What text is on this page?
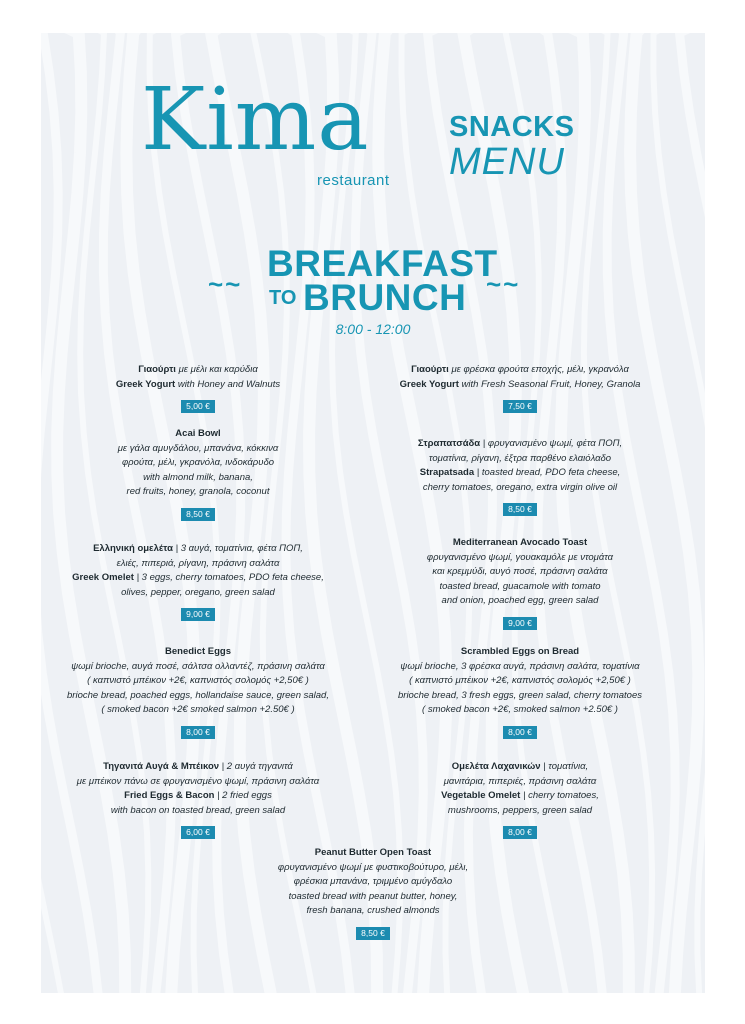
Kima
restaurant
SNACKS
MENU
~~	~~
BREAKFAST
TO BRUNCH
8:00 - 12:00
Γιαούρτι με μέλι και καρύδια
Greek Yogurt with Honey and Walnuts
5,00 €
Γιαούρτι με φρέσκα φρούτα εποχής, μέλι, γκρανόλα
Greek Yogurt with Fresh Seasonal Fruit, Honey, Granola
7,50 €
Acai Bowl
με γάλα αμυγδάλου, μπανάνα, κόκκινα
φρούτα, μέλι, γκρανόλα, ινδοκάρυδο
with almond milk, banana,
red fruits, honey, granola, coconut
8,50 €
Στραπατσάδα | φρυγανισμένο ψωμί, φέτα ΠΟΠ,
τοματίνια, ρίγανη, έξτρα παρθένο ελαιόλαδο
Strapatsada | toasted bread, PDO feta cheese,
cherry tomatoes, oregano, extra virgin olive oil
8,50 €
Ελληνική ομελέτα | 3 αυγά, τοματίνια, φέτα ΠΟΠ,
ελιές, πιπεριά, ρίγανη, πράσινη σαλάτα
Greek Omelet | 3 eggs, cherry tomatoes, PDO feta cheese,
olives, pepper, oregano, green salad
9,00 €
Mediterranean Avocado Toast
φρυγανισμένο ψωμί, γουακαμόλε με ντομάτα
και κρεμμύδι, αυγό ποσέ, πράσινη σαλάτα
toasted bread, guacamole with tomato
and onion, poached egg, green salad
9,00 €
Benedict Eggs
ψωμί brioche, αυγά ποσέ, σάλτσα ολλαντέζ, πράσινη σαλάτα
( καπνιστό μπέικον +2€, καπνιστός σολομός +2,50€ )
brioche bread, poached eggs, hollandaise sauce, green salad,
( smoked bacon +2€ smoked salmon +2.50€ )
8,00 €
Scrambled Eggs on Bread
ψωμί brioche, 3 φρέσκα αυγά, πράσινη σαλάτα, τοματίνια
( καπνιστό μπέικον +2€, καπνιστός σολομός +2,50€ )
brioche bread, 3 fresh eggs, green salad, cherry tomatoes
( smoked bacon +2€, smoked salmon +2.50€ )
8,00 €
Τηγανιτά Αυγά & Μπέικον | 2 αυγά τηγανιτά
με μπέικον πάνω σε φρυγανισμένο ψωμί, πράσινη σαλάτα
Fried Eggs & Bacon | 2 fried eggs
with bacon on toasted bread, green salad
6,00 €
Ομελέτα Λαχανικών | τοματίνια,
μανιτάρια, πιπεριές, πράσινη σαλάτα
Vegetable Omelet | cherry tomatoes,
mushrooms, peppers, green salad
8,00 €
Peanut Butter Open Toast
φρυγανισμένο ψωμί με φυστικοβούτυρο, μέλι,
φρέσκια μπανάνα, τριμμένο αμύγδαλο
toasted bread with peanut butter, honey,
fresh banana, crushed almonds
8,50 €
